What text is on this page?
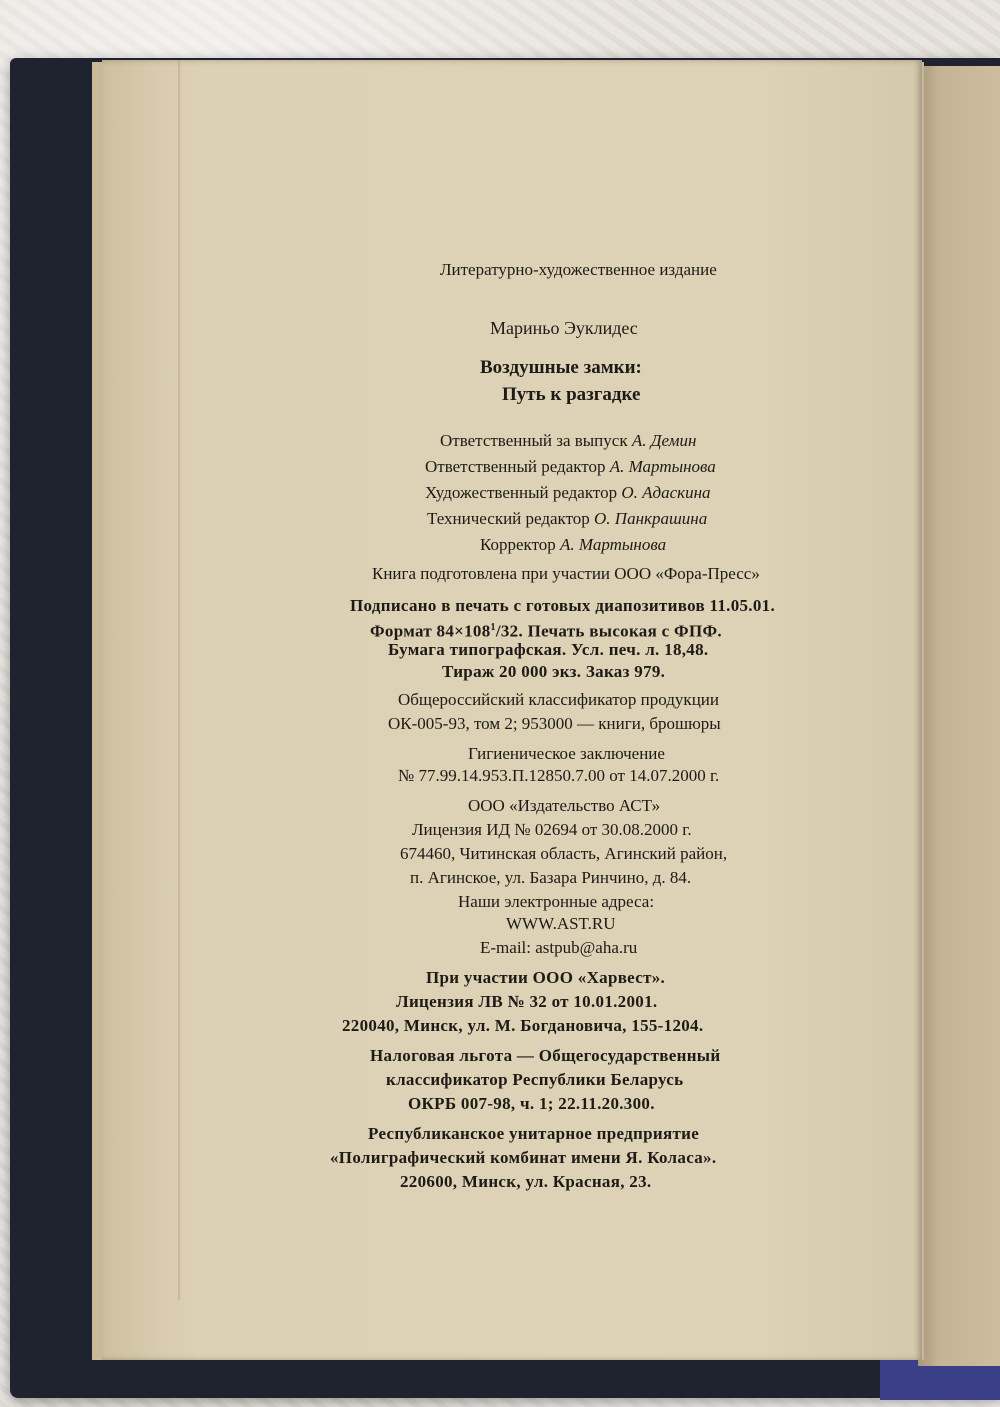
Литературно-художественное издание
Мариньо Эуклидес
Воздушные замки:
Путь к разгадке
Ответственный за выпуск А. Демин
Ответственный редактор А. Мартынова
Художественный редактор О. Адаскина
Технический редактор О. Панкрашина
Корректор А. Мартынова
Книга подготовлена при участии ООО «Фора-Пресс»
Подписано в печать с готовых диапозитивов 11.05.01.
Формат $84\times 108^1/32$. Печать высокая с ФПФ.
Бумага типографская. Усл. печ. л. 18,48.
Тираж 20 000 экз. Заказ 979.
Общероссийский классификатор продукции
ОК-005-93, том 2; 953000 — книги, брошюры
Гигиеническое заключение
№ 77.99.14.953.П.12850.7.00 от 14.07.2000 г.
ООО «Издательство АСТ»
Лицензия ИД № 02694 от 30.08.2000 г.
674460, Читинская область, Агинский район,
п. Агинское, ул. Базара Ринчино, д. 84.
Наши электронные адреса:
WWW.AST.RU
E-mail: astpub@aha.ru
При участии ООО «Харвест».
Лицензия ЛВ № 32 от 10.01.2001.
220040, Минск, ул. М. Богдановича, 155-1204.
Налоговая льгота — Общегосударственный
классификатор Республики Беларусь
ОКРБ 007-98, ч. 1; 22.11.20.300.
Республиканское унитарное предприятие
«Полиграфический комбинат имени Я. Коласа».
220600, Минск, ул. Красная, 23.
